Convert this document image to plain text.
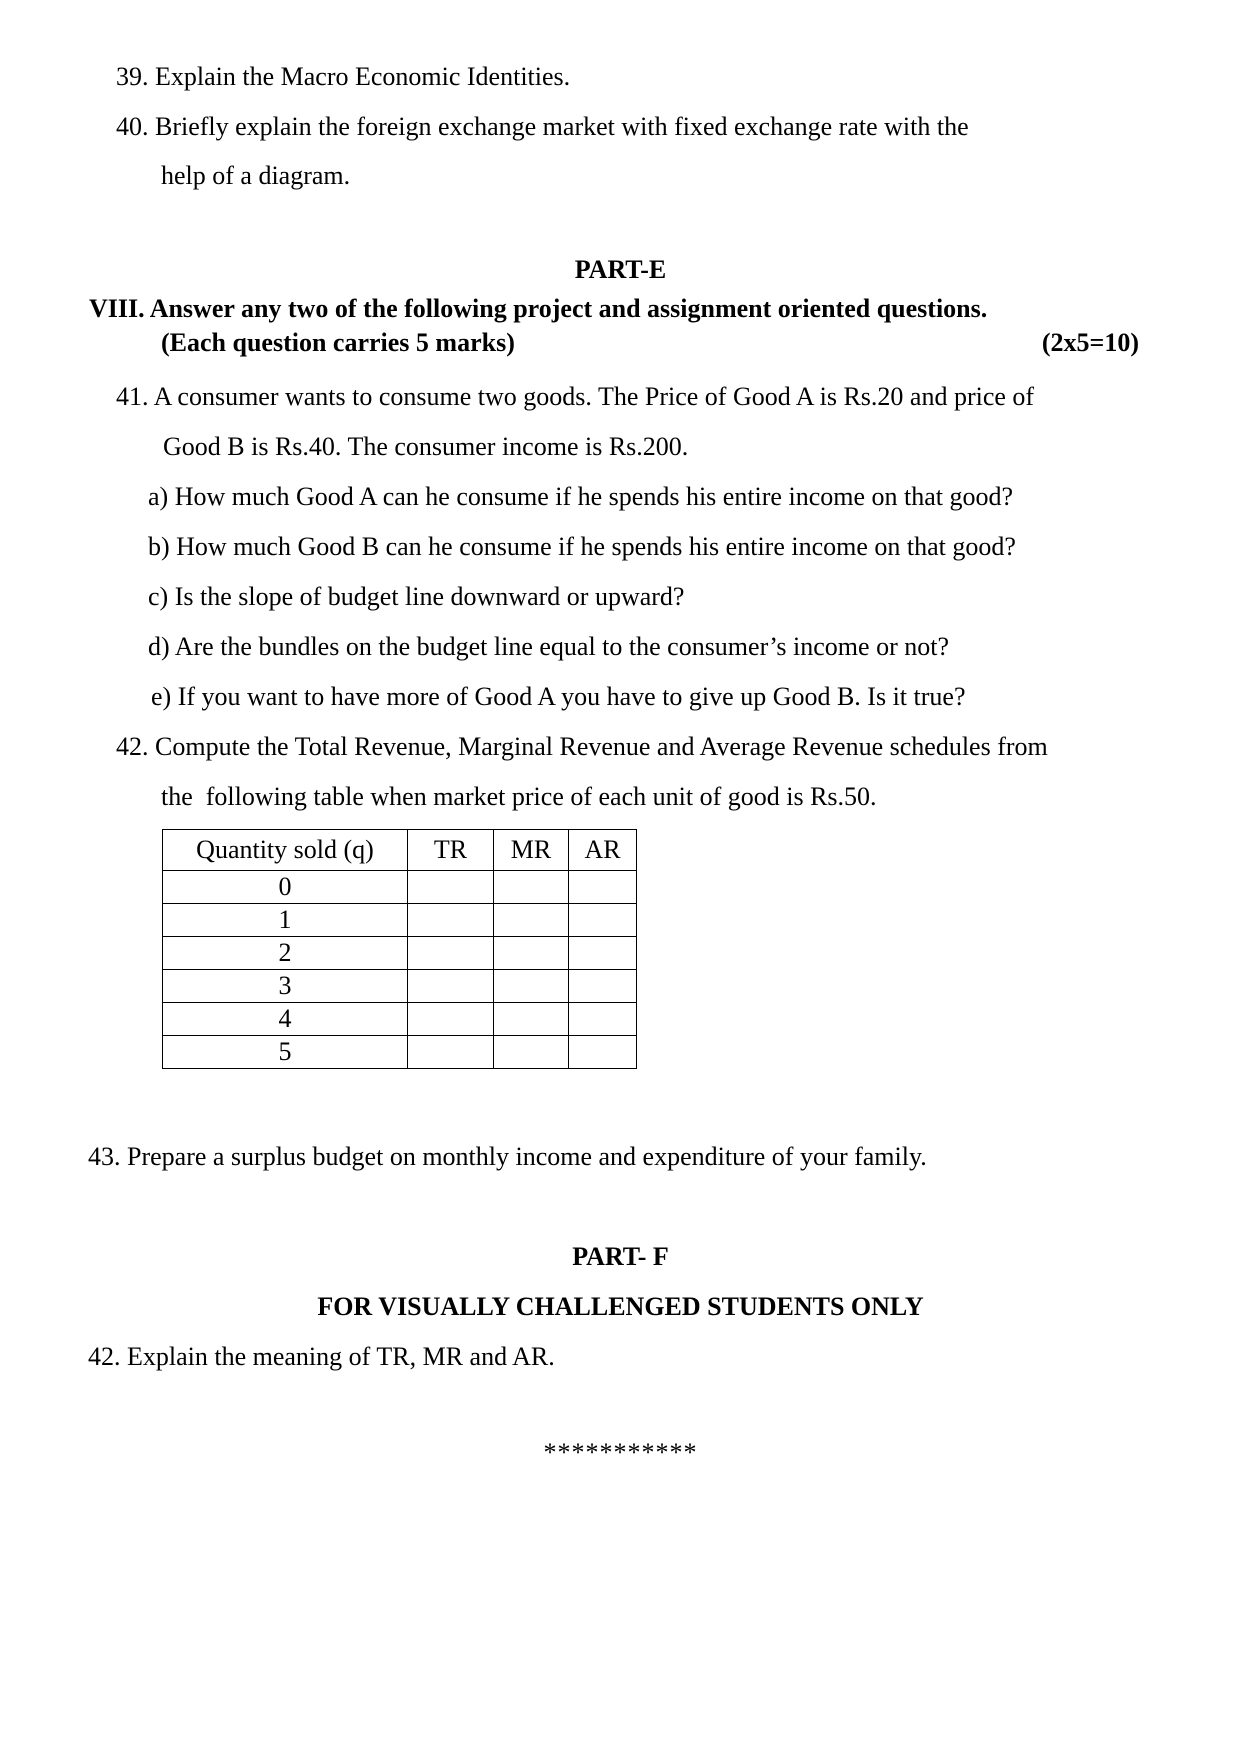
39. Explain the Macro Economic Identities.
40. Briefly explain the foreign exchange market with fixed exchange rate with the
help of a diagram.
PART-E
VIII. Answer any two of the following project and assignment oriented questions.
(Each question carries 5 marks)	(2x5=10)
41. A consumer wants to consume two goods. The Price of Good A is Rs.20 and price of
Good B is Rs.40. The consumer income is Rs.200.
a) How much Good A can he consume if he spends his entire income on that good?
b) How much Good B can he consume if he spends his entire income on that good?
c) Is the slope of budget line downward or upward?
d) Are the bundles on the budget line equal to the consumer’s income or not?
e) If you want to have more of Good A you have to give up Good B. Is it true?
42. Compute the Total Revenue, Marginal Revenue and Average Revenue schedules from
the  following table when market price of each unit of good is Rs.50.
Quantity sold (q)	TR	MR	AR
0			
1			
2			
3			
4			
5			
43. Prepare a surplus budget on monthly income and expenditure of your family.
PART- F
FOR VISUALLY CHALLENGED STUDENTS ONLY
42. Explain the meaning of TR, MR and AR.
***********
